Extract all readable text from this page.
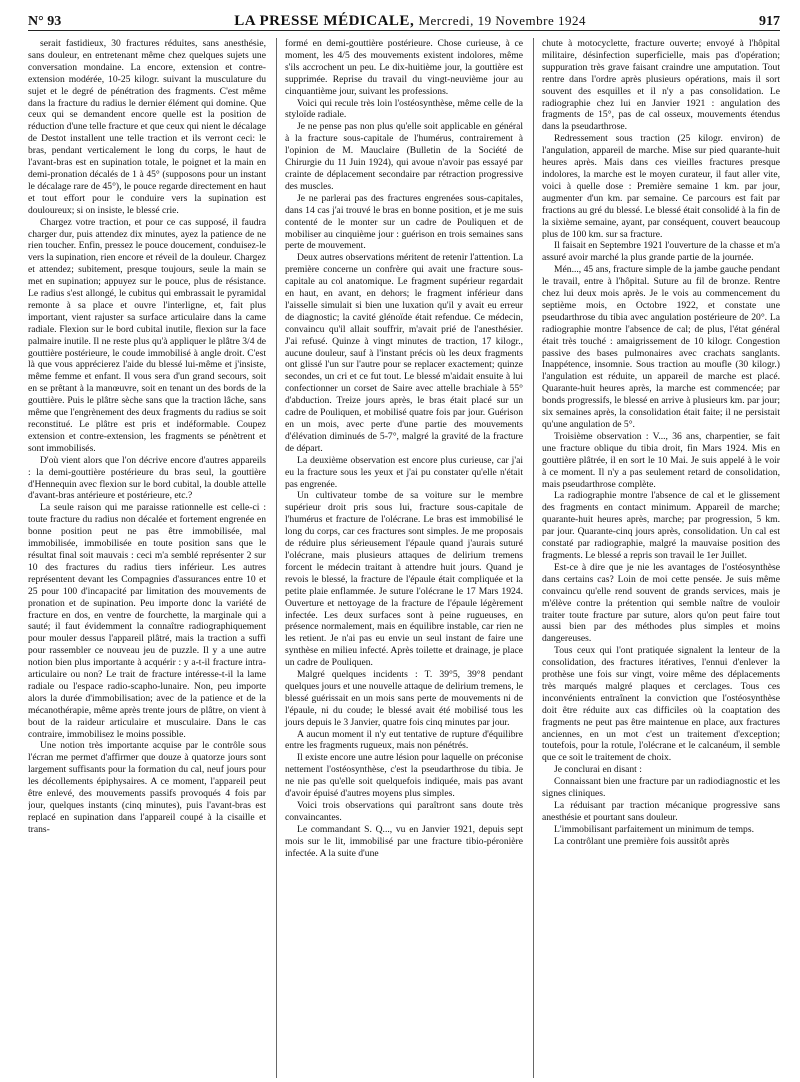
N° 93	LA PRESSE MÉDICALE, Mercredi, 19 Novembre 1924	917

serait fastidieux, 30 fractures réduites, sans anesthésie, sans douleur, en entretenant même chez quelques sujets une conversation mondaine. La encore, extension et contre-extension modérée, 10-25 kilogr. suivant la musculature du sujet et le degré de pénétration des fragments. C'est même dans la fracture du radius le dernier élément qui domine. Que ceux qui se demandent encore quelle est la position de réduction d'une telle fracture et que ceux qui nient le décalage de Destot installent une telle traction et ils verront ceci: le bras, pendant verticalement le long du corps, le haut de l'avant-bras est en supination totale, le poignet et la main en demi-pronation décalés de 1 à 45° (supposons pour un instant le décalage rare de 45°), le pouce regarde directement en haut et tout effort pour le conduire vers la supination est douloureux; si on insiste, le blessé crie.

Chargez votre traction, et pour ce cas supposé, il faudra charger dur, puis attendez dix minutes, ayez la patience de ne rien toucher. Enfin, pressez le pouce doucement, conduisez-le vers la supination, rien encore et réveil de la douleur. Chargez et attendez; subitement, presque toujours, seule la main se met en supination; appuyez sur le pouce, plus de résistance. Le radius s'est allongé, le cubitus qui embrassait le pyramidal remonte à sa place et ouvre l'interligne, et, fait plus important, vient rajuster sa surface articulaire dans la came radiale. Flexion sur le bord cubital inutile, flexion sur la face palmaire inutile. Il ne reste plus qu'à appliquer le plâtre 3/4 de gouttière postérieure, le coude immobilisé à angle droit. C'est là que vous apprécierez l'aide du blessé lui-même et j'insiste, même femme et enfant. Il vous sera d'un grand secours, soit en se prêtant à la manœuvre, soit en tenant un des bords de la gouttière. Puis le plâtre sèche sans que la traction lâche, sans même que l'engrènement des deux fragments du radius se soit reconstitué. Le plâtre est pris et indéformable. Coupez extension et contre-extension, les fragments se pénètrent et sont immobilisés.

D'où vient alors que l'on décrive encore d'autres appareils : la demi-gouttière postérieure du bras seul, la gouttière d'Hennequin avec flexion sur le bord cubital, la double attelle d'avant-bras antérieure et postérieure, etc.?

La seule raison qui me paraisse rationnelle est celle-ci : toute fracture du radius non décalée et fortement engrenée en bonne position peut ne pas être immobilisée, mal immobilisée, immobilisée en toute position sans que le résultat final soit mauvais : ceci m'a semblé représenter 2 sur 10 des fractures du radius tiers inférieur. Les autres représentent devant les Compagnies d'assurances entre 10 et 25 pour 100 d'incapacité par limitation des mouvements de pronation et de supination. Peu importe donc la variété de fracture en dos, en ventre de fourchette, la marginale qui a sauté; il faut évidemment la connaître radiographiquement pour mouler dessus l'appareil plâtré, mais la traction a suffi pour rassembler ce nouveau jeu de puzzle. Il y a une autre notion bien plus importante à acquérir : y a-t-il fracture intra-articulaire ou non? Le trait de fracture intéresse-t-il la lame radiale ou l'espace radio-scapho-lunaire. Non, peu importe alors la durée d'immobilisation; avec de la patience et de la mécanothérapie, même après trente jours de plâtre, on vient à bout de la raideur articulaire et musculaire. Dans le cas contraire, immobilisez le moins possible.

Une notion très importante acquise par le contrôle sous l'écran me permet d'affirmer que douze à quatorze jours sont largement suffisants pour la formation du cal, neuf jours pour les décollements épiphysaires. A ce moment, l'appareil peut être enlevé, des mouvements passifs provoqués 4 fois par jour, quelques instants (cinq minutes), puis l'avant-bras est replacé en supination dans l'appareil coupé à la cisaille et trans-

formé en demi-gouttière postérieure. Chose curieuse, à ce moment, les 4/5 des mouvements existent indolores, même s'ils accrochent un peu. Le dix-huitième jour, la gouttière est supprimée. Reprise du travail du vingt-neuvième jour au cinquantième jour, suivant les professions.

Voici qui recule très loin l'ostéosynthèse, même celle de la styloïde radiale.

Je ne pense pas non plus qu'elle soit applicable en général à la fracture sous-capitale de l'humérus, contrairement à l'opinion de M. Mauclaire (Bulletin de la Société de Chirurgie du 11 Juin 1924), qui avoue n'avoir pas essayé par crainte de déplacement secondaire par rétraction progressive des muscles.

Je ne parlerai pas des fractures engrenées sous-capitales, dans 14 cas j'ai trouvé le bras en bonne position, et je me suis contenté de le monter sur un cadre de Pouliquen et de mobiliser au cinquième jour : guérison en trois semaines sans perte de mouvement.

Deux autres observations méritent de retenir l'attention. La première concerne un confrère qui avait une fracture sous-capitale au col anatomique. Le fragment supérieur regardait en haut, en avant, en dehors; le fragment inférieur dans l'aisselle simulait si bien une luxation qu'il y avait eu erreur de diagnostic; la cavité glénoïde était refendue. Ce médecin, convaincu qu'il allait souffrir, m'avait prié de l'anesthésier. J'ai refusé. Quinze à vingt minutes de traction, 17 kilogr., aucune douleur, sauf à l'instant précis où les deux fragments ont glissé l'un sur l'autre pour se replacer exactement; quinze secondes, un cri et ce fut tout. Le blessé m'aidait ensuite à lui confectionner un corset de Saire avec attelle brachiale à 55° d'abduction. Treize jours après, le bras était placé sur un cadre de Pouliquen, et mobilisé quatre fois par jour. Guérison en un mois, avec perte d'une partie des mouvements d'élévation diminués de 5-7°, malgré la gravité de la fracture de départ.

La deuxième observation est encore plus curieuse, car j'ai eu la fracture sous les yeux et j'ai pu constater qu'elle n'était pas engrenée.

Un cultivateur tombe de sa voiture sur le membre supérieur droit pris sous lui, fracture sous-capitale de l'humérus et fracture de l'olécrane. Le bras est immobilisé le long du corps, car ces fractures sont simples. Je me proposais de réduire plus sérieusement l'épaule quand j'aurais suturé l'olécrane, mais plusieurs attaques de delirium tremens forcent le médecin traitant à attendre huit jours. Quand je revois le blessé, la fracture de l'épaule était compliquée et la petite plaie enflammée. Je suture l'olécrane le 17 Mars 1924. Ouverture et nettoyage de la fracture de l'épaule légèrement infectée. Les deux surfaces sont à peine rugueuses, en présence normalement, mais en équilibre instable, car rien ne les retient. Je n'ai pas eu envie un seul instant de faire une synthèse en milieu infecté. Après toilette et drainage, je place un cadre de Pouliquen.

Malgré quelques incidents : T. 39°5, 39°8 pendant quelques jours et une nouvelle attaque de delirium tremens, le blessé guérissait en un mois sans perte de mouvements ni de l'épaule, ni du coude; le blessé avait été mobilisé tous les jours depuis le 3 Janvier, quatre fois cinq minutes par jour.

A aucun moment il n'y eut tentative de rupture d'équilibre entre les fragments rugueux, mais non pénétrés.

Il existe encore une autre lésion pour laquelle on préconise nettement l'ostéosynthèse, c'est la pseudarthrose du tibia. Je ne nie pas qu'elle soit quelquefois indiquée, mais pas avant d'avoir épuisé d'autres moyens plus simples.

Voici trois observations qui paraîtront sans doute très convaincantes.

Le commandant S. Q..., vu en Janvier 1921, depuis sept mois sur le lit, immobilisé par une fracture tibio-péronière infectée. A la suite d'une

chute à motocyclette, fracture ouverte; envoyé à l'hôpital militaire, désinfection superficielle, mais pas d'opération; suppuration très grave faisant craindre une amputation. Tout rentre dans l'ordre après plusieurs opérations, mais il sort souvent des esquilles et il n'y a pas consolidation. Le radiographie chez lui en Janvier 1921 : angulation des fragments de 15°, pas de cal osseux, mouvements étendus dans la pseudarthrose.

Redressement sous traction (25 kilogr. environ) de l'angulation, appareil de marche. Mise sur pied quarante-huit heures après. Mais dans ces vieilles fractures presque indolores, la marche est le moyen curateur, il faut aller vite, voici à quelle dose : Première semaine 1 km. par jour, augmenter d'un km. par semaine. Ce parcours est fait par fractions au gré du blessé. Le blessé était consolidé à la fin de la sixième semaine, ayant, par conséquent, couvert beaucoup plus de 100 km. sur sa fracture.

Il faisait en Septembre 1921 l'ouverture de la chasse et m'a assuré avoir marché la plus grande partie de la journée.

Mén..., 45 ans, fracture simple de la jambe gauche pendant le travail, entre à l'hôpital. Suture au fil de bronze. Rentre chez lui deux mois après. Je le vois au commencement du septième mois, en Octobre 1922, et constate une pseudarthrose du tibia avec angulation postérieure de 20°. La radiographie montre l'absence de cal; de plus, l'état général était très touché : amaigrissement de 10 kilogr. Congestion passive des bases pulmonaires avec crachats sanglants. Inappétence, insomnie. Sous traction au moufle (30 kilogr.) l'angulation est réduite, un appareil de marche est placé. Quarante-huit heures après, la marche est commencée; par bonds progressifs, le blessé en arrive à plusieurs km. par jour; six semaines après, la consolidation était faite; il ne persistait qu'une angulation de 5°.

Troisième observation : V..., 36 ans, charpentier, se fait une fracture oblique du tibia droit, fin Mars 1924. Mis en gouttière plâtrée, il en sort le 10 Mai. Je suis appelé à le voir à ce moment. Il n'y a pas seulement retard de consolidation, mais pseudarthrose complète.

La radiographie montre l'absence de cal et le glissement des fragments en contact minimum. Appareil de marche; quarante-huit heures après, marche; par progression, 5 km. par jour. Quarante-cinq jours après, consolidation. Un cal est constaté par radiographie, malgré la mauvaise position des fragments. Le blessé a repris son travail le 1er Juillet.

Est-ce à dire que je nie les avantages de l'ostéosynthèse dans certains cas? Loin de moi cette pensée. Je suis même convaincu qu'elle rend souvent de grands services, mais je m'élève contre la prétention qui semble naître de vouloir traiter toute fracture par suture, alors qu'on peut faire tout aussi bien par des méthodes plus simples et moins dangereuses.

Tous ceux qui l'ont pratiquée signalent la lenteur de la consolidation, des fractures itératives, l'ennui d'enlever la prothèse une fois sur vingt, voire même des déplacements très marqués malgré plaques et cerclages. Tous ces inconvénients entraînent la conviction que l'ostéosynthèse doit être réduite aux cas difficiles où la coaptation des fragments ne peut pas être maintenue en place, aux fractures anciennes, en un mot c'est un traitement d'exception; toutefois, pour la rotule, l'olécrane et le calcanéum, il semble que ce soit le traitement de choix.

Je conclurai en disant :

Connaissant bien une fracture par un radiodiagnostic et les signes cliniques.

La réduisant par traction mécanique progressive sans anesthésie et pourtant sans douleur.

L'immobilisant parfaitement un minimum de temps.

La contrôlant une première fois aussitôt après
